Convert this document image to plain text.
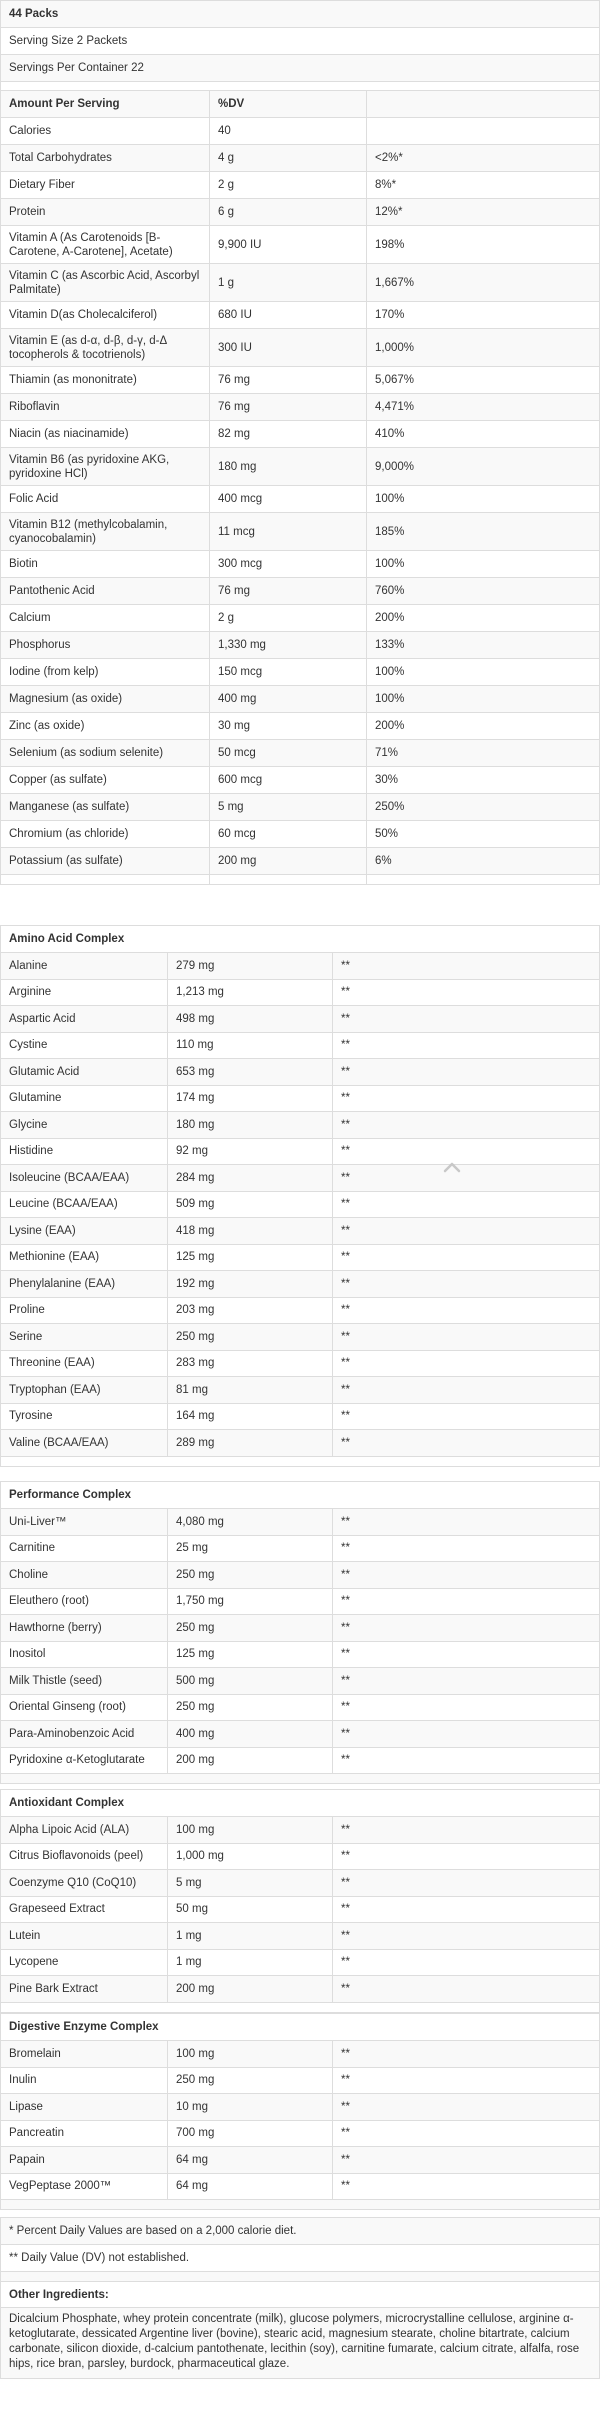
44 Packs
Serving Size 2 Packets
Servings Per Container 22

Amount Per Serving	%DV	
Calories	40	
Total Carbohydrates	4 g	<2%*
Dietary Fiber	2 g	8%*
Protein	6 g	12%*
Vitamin A (As Carotenoids [B-Carotene, A-Carotene], Acetate)	9,900 IU	198%
Vitamin C (as Ascorbic Acid, Ascorbyl Palmitate)	1 g	1,667%
Vitamin D(as Cholecalciferol)	680 IU	170%
Vitamin E (as d-α, d-β, d-γ, d-Δ tocopherols & tocotrienols)	300 IU	1,000%
Thiamin (as mononitrate)	76 mg	5,067%
Riboflavin	76 mg	4,471%
Niacin (as niacinamide)	82 mg	410%
Vitamin B6 (as pyridoxine AKG, pyridoxine HCl)	180 mg	9,000%
Folic Acid	400 mcg	100%
Vitamin B12 (methylcobalamin, cyanocobalamin)	11 mcg	185%
Biotin	300 mcg	100%
Pantothenic Acid	76 mg	760%
Calcium	2 g	200%
Phosphorus	1,330 mg	133%
Iodine (from kelp)	150 mcg	100%
Magnesium (as oxide)	400 mg	100%
Zinc (as oxide)	30 mg	200%
Selenium (as sodium selenite)	50 mcg	71%
Copper (as sulfate)	600 mcg	30%
Manganese (as sulfate)	5 mg	250%
Chromium (as chloride)	60 mcg	50%
Potassium (as sulfate)	200 mg	6%

Amino Acid Complex		
Alanine	279 mg	**
Arginine	1,213 mg	**
Aspartic Acid	498 mg	**
Cystine	110 mg	**
Glutamic Acid	653 mg	**
Glutamine	174 mg	**
Glycine	180 mg	**
Histidine	92 mg	**
Isoleucine (BCAA/EAA)	284 mg	**
Leucine (BCAA/EAA)	509 mg	**
Lysine (EAA)	418 mg	**
Methionine (EAA)	125 mg	**
Phenylalanine (EAA)	192 mg	**
Proline	203 mg	**
Serine	250 mg	**
Threonine (EAA)	283 mg	**
Tryptophan (EAA)	81 mg	**
Tyrosine	164 mg	**
Valine (BCAA/EAA)	289 mg	**

Performance Complex		
Uni-Liver™	4,080 mg	**
Carnitine	25 mg	**
Choline	250 mg	**
Eleuthero (root)	1,750 mg	**
Hawthorne (berry)	250 mg	**
Inositol	125 mg	**
Milk Thistle (seed)	500 mg	**
Oriental Ginseng (root)	250 mg	**
Para-Aminobenzoic Acid	400 mg	**
Pyridoxine α-Ketoglutarate	200 mg	**

Antioxidant Complex		
Alpha Lipoic Acid (ALA)	100 mg	**
Citrus Bioflavonoids (peel)	1,000 mg	**
Coenzyme Q10 (CoQ10)	5 mg	**
Grapeseed Extract	50 mg	**
Lutein	1 mg	**
Lycopene	1 mg	**
Pine Bark Extract	200 mg	**

Digestive Enzyme Complex		
Bromelain	100 mg	**
Inulin	250 mg	**
Lipase	10 mg	**
Pancreatin	700 mg	**
Papain	64 mg	**
VegPeptase 2000™	64 mg	**

* Percent Daily Values are based on a 2,000 calorie diet.
** Daily Value (DV) not established.

Other Ingredients:
Dicalcium Phosphate, whey protein concentrate (milk), glucose polymers, microcrystalline cellulose, arginine α-ketoglutarate, dessicated Argentine liver (bovine), stearic acid, magnesium stearate, choline bitartrate, calcium carbonate, silicon dioxide, d-calcium pantothenate, lecithin (soy), carnitine fumarate, calcium citrate, alfalfa, rose hips, rice bran, parsley, burdock, pharmaceutical glaze.
